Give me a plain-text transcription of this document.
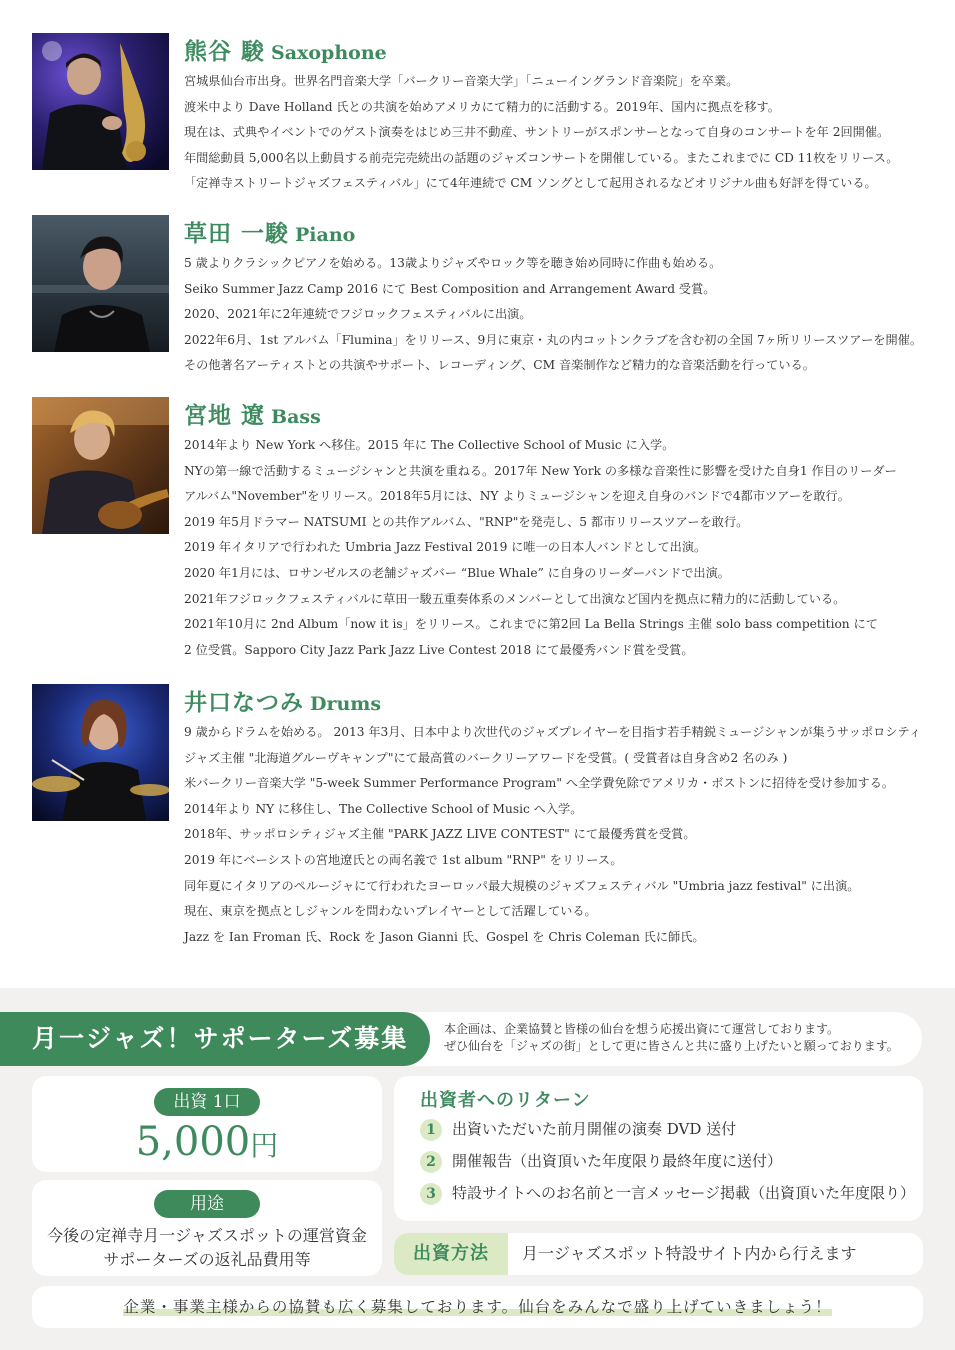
熊谷 駿 Saxophone
宮城県仙台市出身。世界名門音楽大学「バークリー音楽大学」「ニューイングランド音楽院」を卒業。
渡米中より Dave Holland 氏との共演を始めアメリカにて精力的に活動する。2019年、国内に拠点を移す。
現在は、式典やイベントでのゲスト演奏をはじめ三井不動産、サントリーがスポンサーとなって自身のコンサートを年 2回開催。
年間総動員 5,000名以上動員する前売完売続出の話題のジャズコンサートを開催している。またこれまでに CD 11枚をリリース。
「定禅寺ストリートジャズフェスティバル」にて4年連続で CM ソングとして起用されるなどオリジナル曲も好評を得ている。
草田 一駿 Piano
5 歳よりクラシックピアノを始める。13歳よりジャズやロック等を聴き始め同時に作曲も始める。
Seiko Summer Jazz Camp 2016 にて Best Composition and Arrangement Award 受賞。
2020、2021年に2年連続でフジロックフェスティバルに出演。
2022年6月、1st アルバム「Flumina」をリリース、9月に東京・丸の内コットンクラブを含む初の全国 7ヶ所リリースツアーを開催。
その他著名アーティストとの共演やサポート、レコーディング、CM 音楽制作など精力的な音楽活動を行っている。
宮地 遼 Bass
2014年より New York へ移住。2015 年に The Collective School of Music に入学。
NYの第一線で活動するミュージシャンと共演を重ねる。2017年 New York の多様な音楽性に影響を受けた自身1 作目のリーダー
アルバム"November"をリリース。2018年5月には、NY よりミュージシャンを迎え自身のバンドで4都市ツアーを敢行。
2019 年5月ドラマー NATSUMI との共作アルバム、"RNP"を発売し、5 都市リリースツアーを敢行。
2019 年イタリアで行われた Umbria Jazz Festival 2019 に唯一の日本人バンドとして出演。
2020 年1月には、ロサンゼルスの老舗ジャズバー “Blue Whale” に自身のリーダーバンドで出演。
2021年フジロックフェスティバルに草田一駿五重奏体系のメンバーとして出演など国内を拠点に精力的に活動している。
2021年10月に 2nd Album「now it is」をリリース。これまでに第2回 La Bella Strings 主催 solo bass competition にて
2 位受賞。Sapporo City Jazz Park Jazz Live Contest 2018 にて最優秀バンド賞を受賞。
井口なつみ Drums
9 歳からドラムを始める。 2013 年3月、日本中より次世代のジャズプレイヤーを目指す若手精鋭ミュージシャンが集うサッポロシティ
ジャズ主催 "北海道グルーヴキャンプ"にて最高賞のバークリーアワードを受賞。( 受賞者は自身含め2 名のみ )
米バークリー音楽大学 "5-week Summer Performance Program" へ全学費免除でアメリカ・ボストンに招待を受け参加する。
2014年より NY に移住し、The Collective School of Music へ入学。
2018年、サッポロシティジャズ主催 "PARK JAZZ LIVE CONTEST" にて最優秀賞を受賞。
2019 年にベーシストの宮地遼氏との両名義で 1st album "RNP" をリリース。
同年夏にイタリアのペルージャにて行われたヨーロッパ最大規模のジャズフェスティバル "Umbria jazz festival" に出演。
現在、東京を拠点としジャンルを問わないプレイヤーとして活躍している。
Jazz を Ian Froman 氏、Rock を Jason Gianni 氏、Gospel を Chris Coleman 氏に師氏。
本企画は、企業協賛と皆様の仙台を想う応援出資にて運営しております。
ぜひ仙台を「ジャズの街」として更に皆さんと共に盛り上げたいと願っております。
月一ジャズ！サポーターズ募集
出資 1口
5,000円
用途
今後の定禅寺月一ジャズスポットの運営資金
サポーターズの返礼品費用等
出資者へのリターン
1 出資いただいた前月開催の演奏 DVD 送付
2 開催報告（出資頂いた年度限り最終年度に送付）
3 特設サイトへのお名前と一言メッセージ掲載（出資頂いた年度限り）
出資方法	月一ジャズスポット特設サイト内から行えます
企業・事業主様からの協賛も広く募集しております。仙台をみんなで盛り上げていきましょう！
